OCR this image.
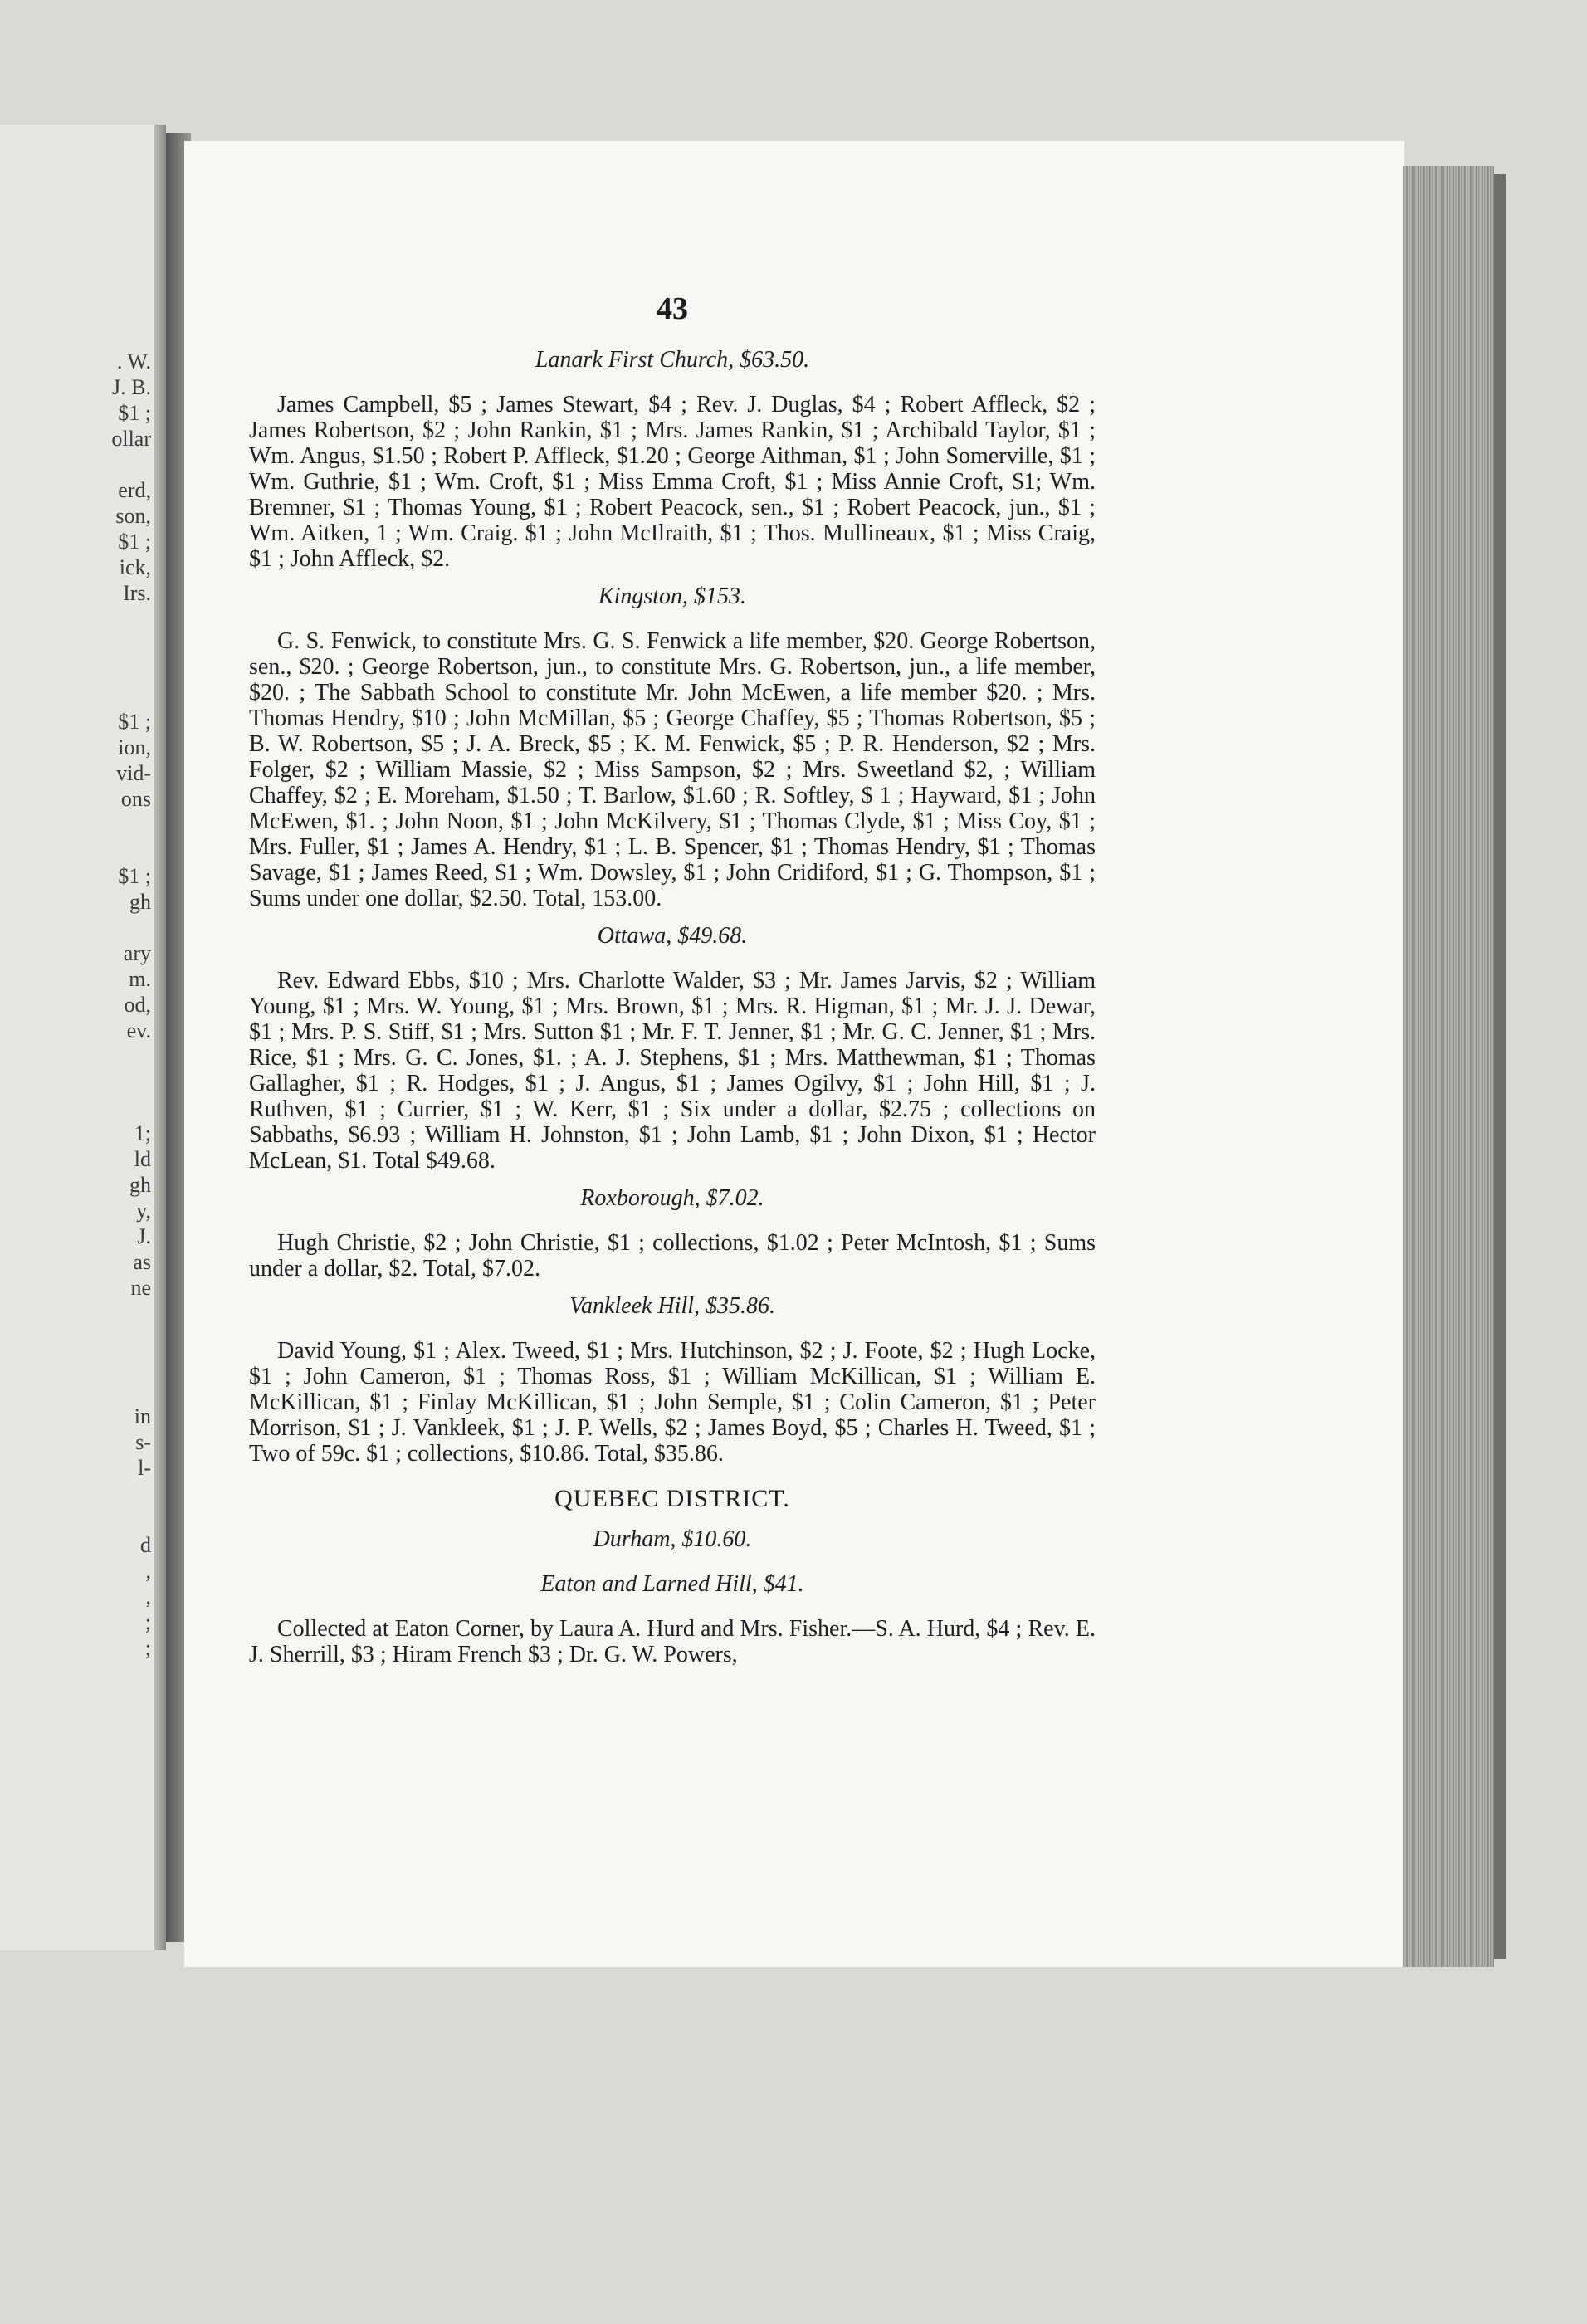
. W.
J. B.
$1 ;
ollar
erd,
son,
$1 ;
ick,
Irs.
$1 ;
ion,
vid-
ons
$1 ;
gh
ary
m.
od,
ev.
1;
ld
gh
y,
J.
as
ne
in
s-
l-
d
,
,
;
;
43
Lanark First Church, $63.50.

James Campbell, $5 ; James Stewart, $4 ; Rev. J. Duglas, $4 ; Robert Affleck, $2 ; James Robertson, $2 ; John Rankin, $1 ; Mrs. James Rankin, $1 ; Archibald Taylor, $1 ; Wm. Angus, $1.50 ; Robert P. Affleck, $1.20 ; George Aithman, $1 ; John Somerville, $1 ; Wm. Guthrie, $1 ; Wm. Croft, $1 ; Miss Emma Croft, $1 ; Miss Annie Croft, $1; Wm. Bremner, $1 ; Thomas Young, $1 ; Robert Peacock, sen., $1 ; Robert Peacock, jun., $1 ; Wm. Aitken, 1 ; Wm. Craig. $1 ; John McIlraith, $1 ; Thos. Mullineaux, $1 ; Miss Craig, $1 ; John Affleck, $2.

Kingston, $153.

G. S. Fenwick, to constitute Mrs. G. S. Fenwick a life member, $20. George Robertson, sen., $20. ; George Robertson, jun., to constitute Mrs. G. Robertson, jun., a life member, $20. ; The Sabbath School to constitute Mr. John McEwen, a life member $20. ; Mrs. Thomas Hendry, $10 ; John McMillan, $5 ; George Chaffey, $5 ; Thomas Robertson, $5 ; B. W. Robertson, $5 ; J. A. Breck, $5 ; K. M. Fenwick, $5 ; P. R. Henderson, $2 ; Mrs. Folger, $2 ; William Massie, $2 ; Miss Sampson, $2 ; Mrs. Sweetland $2, ; William Chaffey, $2 ; E. Moreham, $1.50 ; T. Barlow, $1.60 ; R. Softley, $ 1 ; Hayward, $1 ; John McEwen, $1. ; John Noon, $1 ; John McKilvery, $1 ; Thomas Clyde, $1 ; Miss Coy, $1 ; Mrs. Fuller, $1 ; James A. Hendry, $1 ; L. B. Spencer, $1 ; Thomas Hendry, $1 ; Thomas Savage, $1 ; James Reed, $1 ; Wm. Dowsley, $1 ; John Cridiford, $1 ; G. Thompson, $1 ; Sums under one dollar, $2.50. Total, 153.00.

Ottawa, $49.68.

Rev. Edward Ebbs, $10 ; Mrs. Charlotte Walder, $3 ; Mr. James Jarvis, $2 ; William Young, $1 ; Mrs. W. Young, $1 ; Mrs. Brown, $1 ; Mrs. R. Higman, $1 ; Mr. J. J. Dewar, $1 ; Mrs. P. S. Stiff, $1 ; Mrs. Sutton $1 ; Mr. F. T. Jenner, $1 ; Mr. G. C. Jenner, $1 ; Mrs. Rice, $1 ; Mrs. G. C. Jones, $1. ; A. J. Stephens, $1 ; Mrs. Matthewman, $1 ; Thomas Gallagher, $1 ; R. Hodges, $1 ; J. Angus, $1 ; James Ogilvy, $1 ; John Hill, $1 ; J. Ruthven, $1 ; Currier, $1 ; W. Kerr, $1 ; Six under a dollar, $2.75 ; collections on Sabbaths, $6.93 ; William H. Johnston, $1 ; John Lamb, $1 ; John Dixon, $1 ; Hector McLean, $1. Total $49.68.

Roxborough, $7.02.

Hugh Christie, $2 ; John Christie, $1 ; collections, $1.02 ; Peter McIntosh, $1 ; Sums under a dollar, $2. Total, $7.02.

Vankleek Hill, $35.86.

David Young, $1 ; Alex. Tweed, $1 ; Mrs. Hutchinson, $2 ; J. Foote, $2 ; Hugh Locke, $1 ; John Cameron, $1 ; Thomas Ross, $1 ; William McKillican, $1 ; William E. McKillican, $1 ; Finlay McKillican, $1 ; John Semple, $1 ; Colin Cameron, $1 ; Peter Morrison, $1 ; J. Vankleek, $1 ; J. P. Wells, $2 ; James Boyd, $5 ; Charles H. Tweed, $1 ; Two of 59c. $1 ; collections, $10.86. Total, $35.86.

QUEBEC DISTRICT.
Durham, $10.60.
Eaton and Larned Hill, $41.

Collected at Eaton Corner, by Laura A. Hurd and Mrs. Fisher.—S. A. Hurd, $4 ; Rev. E. J. Sherrill, $3 ; Hiram French $3 ; Dr. G. W. Powers,
